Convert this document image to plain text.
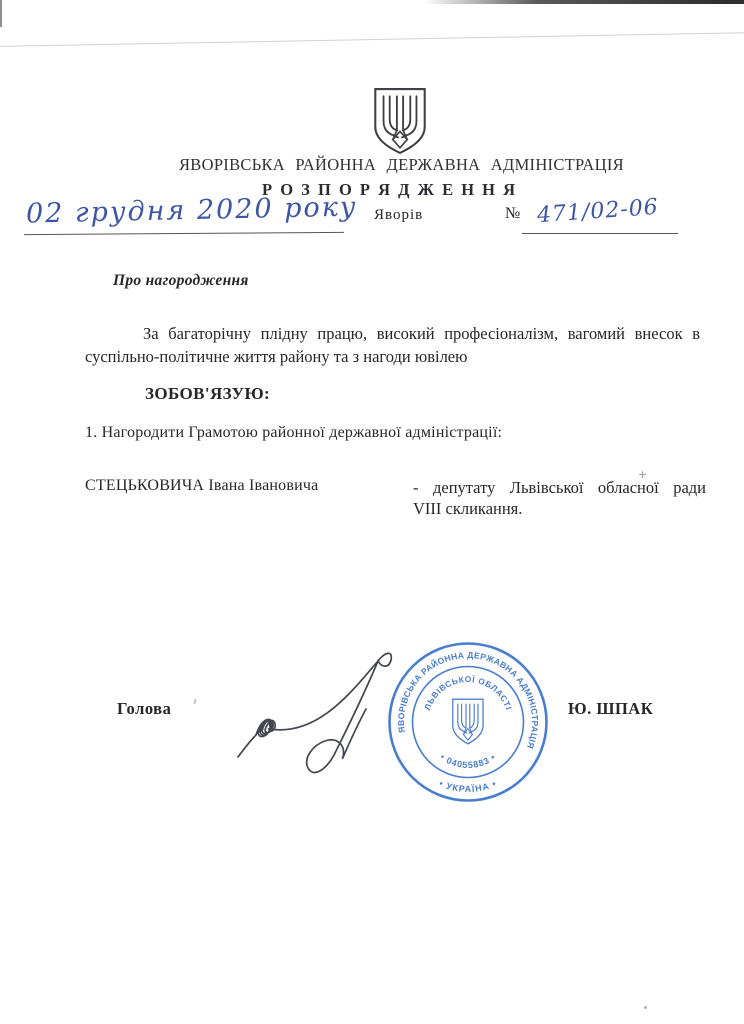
+
ЯВОРІВСЬКА РАЙОННА ДЕРЖАВНА АДМІНІСТРАЦІЯ
Р О З П О Р Я Д Ж Е Н Н Я
02 грудня 2020 року Яворів	№ 471/02-06
Про нагородження
За багаторічну плідну працю, високий професіоналізм, вагомий внесок в
суспільно-політичне життя району та з нагоди ювілею
ЗОБОВ'ЯЗУЮ:
1. Нагородити Грамотою районної державної адміністрації:
СТЕЦЬКОВИЧА Івана Івановича	- депутату Львівської обласної ради
VIII скликання.
Голова	Ю. ШПАК
ЯВОРІВСЬКА РАЙОННА ДЕРЖАВНА АДМІНІСТРАЦІЯ
• УКРАЇНА •
ЛЬВІВСЬКОЇ ОБЛАСТІ
• 04055883 •
